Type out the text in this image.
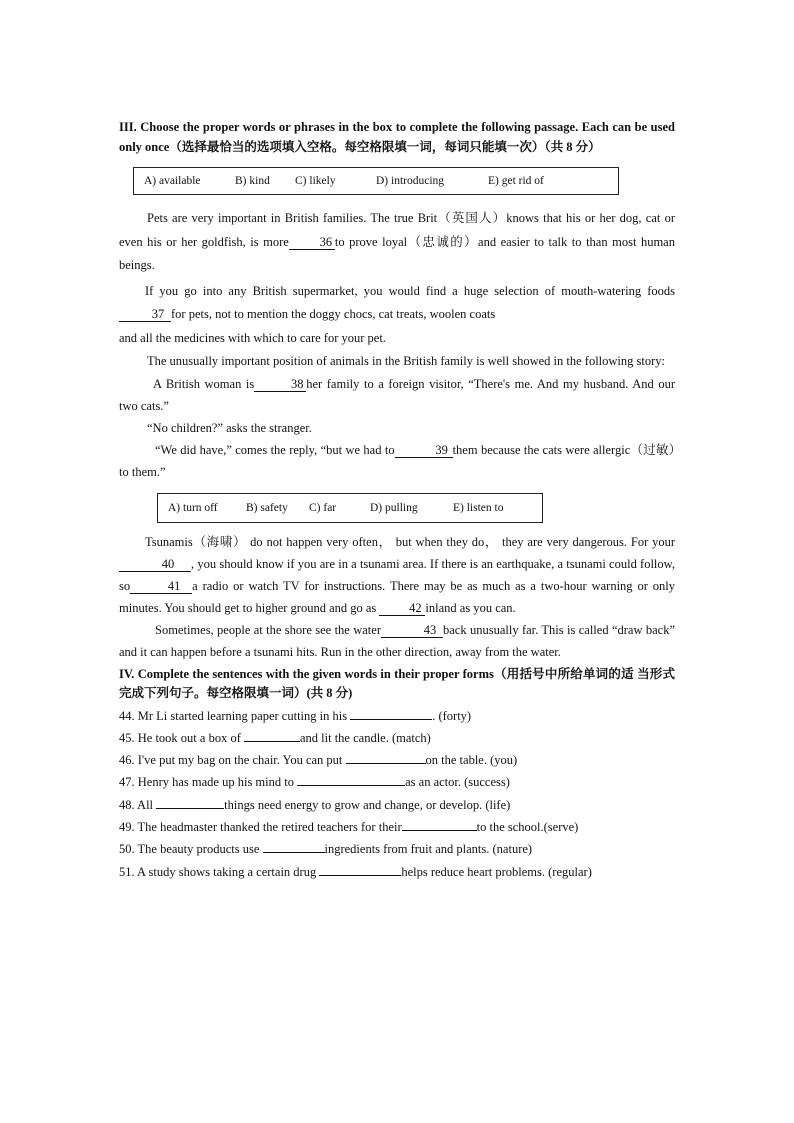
III. Choose the proper words or phrases in the box to complete the following passage. Each can be used only once（选择最恰当的选项填入空格。每空格限填一词，每词只能填一次）（共 8 分）

A) available	B) kind	C) likely	D) introducing	E) get rid of

Pets are very important in British families. The true Brit（英国人）knows that his or her dog, cat or even his or her goldfish, is more 36 to prove loyal（忠诚的）and easier to talk to than most human beings.

If you go into any British supermarket, you would find a huge selection of mouth-watering foods37 for pets, not to mention the doggy chocs, cat treats, woolen coats

and all the medicines with which to care for your pet.

The unusually important position of animals in the British family is well showed in the following story:

A British woman is	38 her family to a foreign visitor, “There's me. And my husband. And our two cats.”

“No children?” asks the stranger.

“We did have,” comes the reply, “but we had to	39 them because the cats were allergic（过敏）to them.”

A) turn off	B) safety	C) far	D) pulling	E) listen to

Tsunamis（海啸） do not happen very often， but when they do， they are very dangerous. For your40 , you should know if you are in a tsunami area. If there is an earthquake, a tsunami could follow, so	41 a radio or watch TV for instructions. There may be as much as a two-hour warning or only minutes. You should get to higher ground and go as	42 inland as you can.

Sometimes, people at the shore see the water	43 back unusually far. This is called “draw back” and it can happen before a tsunami hits. Run in the other direction, away from the water.

IV. Complete the sentences with the given words in their proper forms（用括号中所给单词的适 当形式完成下列句子。每空格限填一词）(共 8 分)

44. Mr Li started learning paper cutting in his	. (forty)

45. He took out a box of	and lit the candle. (match)

46. I've put my bag on the chair. You can put	on the table. (you)

47. Henry has made up his mind to	as an actor. (success)

48. All	things need energy to grow and change, or develop. (life)

49. The headmaster thanked the retired teachers for their	to the school.(serve)

50. The beauty products use	ingredients from fruit and plants. (nature)

51. A study shows taking a certain drug	helps reduce heart problems. (regular)
